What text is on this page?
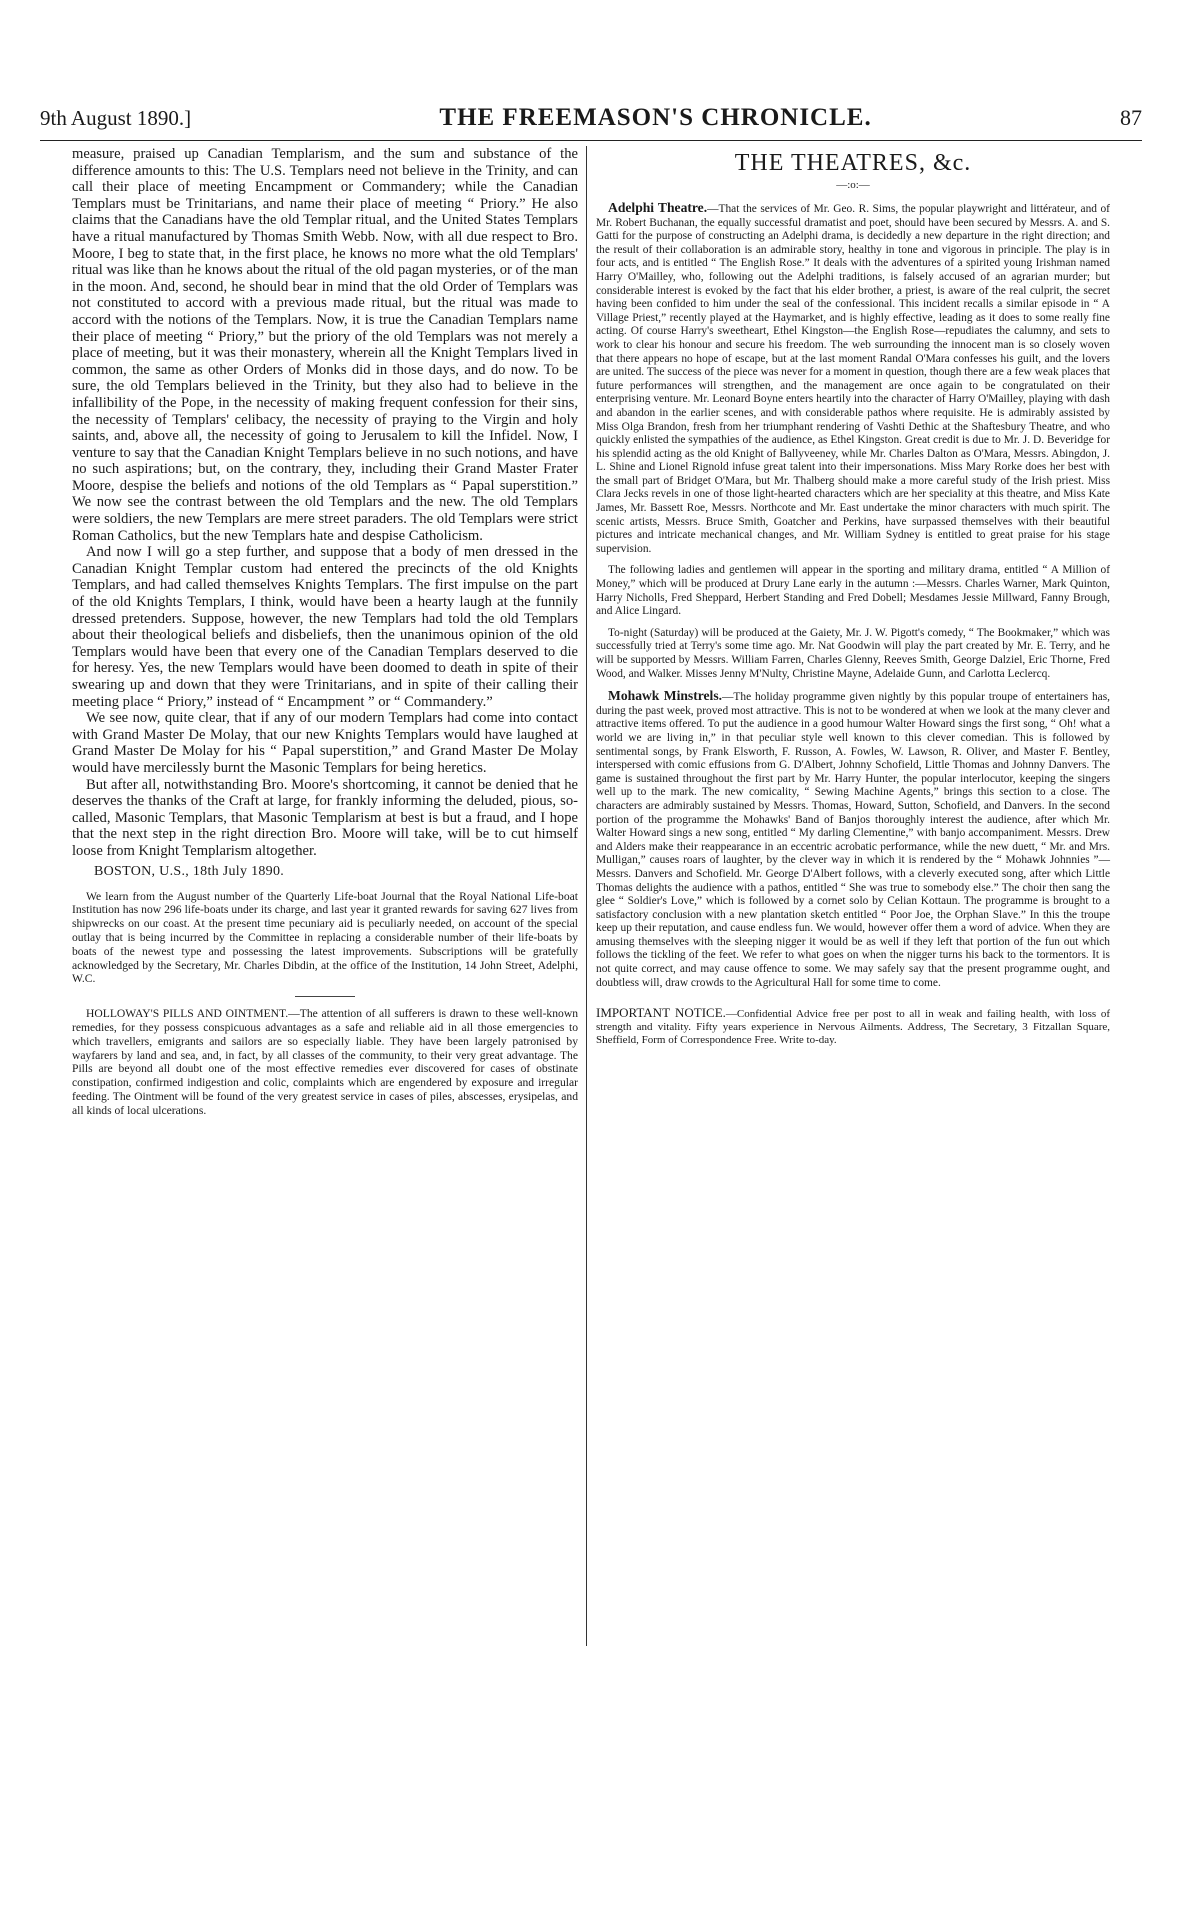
9th August 1890.]	THE FREEMASON'S CHRONICLE.	87

measure, praised up Canadian Templarism, and the sum and substance of the difference amounts to this: The U.S. Templars need not believe in the Trinity, and can call their place of meeting Encampment or Commandery; while the Canadian Templars must be Trinitarians, and name their place of meeting “ Priory.” He also claims that the Canadians have the old Templar ritual, and the United States Templars have a ritual manufactured by Thomas Smith Webb. Now, with all due respect to Bro. Moore, I beg to state that, in the first place, he knows no more what the old Templars' ritual was like than he knows about the ritual of the old pagan mysteries, or of the man in the moon. And, second, he should bear in mind that the old Order of Templars was not constituted to accord with a previous made ritual, but the ritual was made to accord with the notions of the Templars. Now, it is true the Canadian Templars name their place of meeting “ Priory,” but the priory of the old Templars was not merely a place of meeting, but it was their monastery, wherein all the Knight Templars lived in common, the same as other Orders of Monks did in those days, and do now. To be sure, the old Templars believed in the Trinity, but they also had to believe in the infallibility of the Pope, in the necessity of making frequent confession for their sins, the necessity of Templars' celibacy, the necessity of praying to the Virgin and holy saints, and, above all, the necessity of going to Jerusalem to kill the Infidel. Now, I venture to say that the Canadian Knight Templars believe in no such notions, and have no such aspirations; but, on the contrary, they, including their Grand Master Frater Moore, despise the beliefs and notions of the old Templars as “ Papal superstition.” We now see the contrast between the old Templars and the new. The old Templars were soldiers, the new Templars are mere street paraders. The old Templars were strict Roman Catholics, but the new Templars hate and despise Catholicism.

And now I will go a step further, and suppose that a body of men dressed in the Canadian Knight Templar custom had entered the precincts of the old Knights Templars, and had called themselves Knights Templars. The first impulse on the part of the old Knights Templars, I think, would have been a hearty laugh at the funnily dressed pretenders. Suppose, however, the new Templars had told the old Templars about their theological beliefs and disbeliefs, then the unanimous opinion of the old Templars would have been that every one of the Canadian Templars deserved to die for heresy. Yes, the new Templars would have been doomed to death in spite of their swearing up and down that they were Trinitarians, and in spite of their calling their meeting place “ Priory,” instead of “ Encampment ” or “ Commandery.”

We see now, quite clear, that if any of our modern Templars had come into contact with Grand Master De Molay, that our new Knights Templars would have laughed at Grand Master De Molay for his “ Papal superstition,” and Grand Master De Molay would have mercilessly burnt the Masonic Templars for being heretics.

But after all, notwithstanding Bro. Moore's shortcoming, it cannot be denied that he deserves the thanks of the Craft at large, for frankly informing the deluded, pious, so-called, Masonic Templars, that Masonic Templarism at best is but a fraud, and I hope that the next step in the right direction Bro. Moore will take, will be to cut himself loose from Knight Templarism altogether.

BOSTON, U.S., 18th July 1890.

We learn from the August number of the Quarterly Life-boat Journal that the Royal National Life-boat Institution has now 296 life-boats under its charge, and last year it granted rewards for saving 627 lives from shipwrecks on our coast. At the present time pecuniary aid is peculiarly needed, on account of the special outlay that is being incurred by the Committee in replacing a considerable number of their life-boats by boats of the newest type and possessing the latest improvements. Subscriptions will be gratefully acknowledged by the Secretary, Mr. Charles Dibdin, at the office of the Institution, 14 John Street, Adelphi, W.C.

HOLLOWAY'S PILLS AND OINTMENT.—The attention of all sufferers is drawn to these well-known remedies, for they possess conspicuous advantages as a safe and reliable aid in all those emergencies to which travellers, emigrants and sailors are so especially liable. They have been largely patronised by wayfarers by land and sea, and, in fact, by all classes of the community, to their very great advantage. The Pills are beyond all doubt one of the most effective remedies ever discovered for cases of obstinate constipation, confirmed indigestion and colic, complaints which are engendered by exposure and irregular feeding. The Ointment will be found of the very greatest service in cases of piles, abscesses, erysipelas, and all kinds of local ulcerations.

THE THEATRES, &c.
—:o:—

Adelphi Theatre.—That the services of Mr. Geo. R. Sims, the popular playwright and littérateur, and of Mr. Robert Buchanan, the equally successful dramatist and poet, should have been secured by Messrs. A. and S. Gatti for the purpose of constructing an Adelphi drama, is decidedly a new departure in the right direction; and the result of their collaboration is an admirable story, healthy in tone and vigorous in principle. The play is in four acts, and is entitled “ The English Rose.” It deals with the adventures of a spirited young Irishman named Harry O'Mailley, who, following out the Adelphi traditions, is falsely accused of an agrarian murder; but considerable interest is evoked by the fact that his elder brother, a priest, is aware of the real culprit, the secret having been confided to him under the seal of the confessional. This incident recalls a similar episode in “ A Village Priest,” recently played at the Haymarket, and is highly effective, leading as it does to some really fine acting. Of course Harry's sweetheart, Ethel Kingston—the English Rose—repudiates the calumny, and sets to work to clear his honour and secure his freedom. The web surrounding the innocent man is so closely woven that there appears no hope of escape, but at the last moment Randal O'Mara confesses his guilt, and the lovers are united. The success of the piece was never for a moment in question, though there are a few weak places that future performances will strengthen, and the management are once again to be congratulated on their enterprising venture. Mr. Leonard Boyne enters heartily into the character of Harry O'Mailley, playing with dash and abandon in the earlier scenes, and with considerable pathos where requisite. He is admirably assisted by Miss Olga Brandon, fresh from her triumphant rendering of Vashti Dethic at the Shaftesbury Theatre, and who quickly enlisted the sympathies of the audience, as Ethel Kingston. Great credit is due to Mr. J. D. Beveridge for his splendid acting as the old Knight of Ballyveeney, while Mr. Charles Dalton as O'Mara, Messrs. Abingdon, J. L. Shine and Lionel Rignold infuse great talent into their impersonations. Miss Mary Rorke does her best with the small part of Bridget O'Mara, but Mr. Thalberg should make a more careful study of the Irish priest. Miss Clara Jecks revels in one of those light-hearted characters which are her speciality at this theatre, and Miss Kate James, Mr. Bassett Roe, Messrs. Northcote and Mr. East undertake the minor characters with much spirit. The scenic artists, Messrs. Bruce Smith, Goatcher and Perkins, have surpassed themselves with their beautiful pictures and intricate mechanical changes, and Mr. William Sydney is entitled to great praise for his stage supervision.

The following ladies and gentlemen will appear in the sporting and military drama, entitled “ A Million of Money,” which will be produced at Drury Lane early in the autumn :—Messrs. Charles Warner, Mark Quinton, Harry Nicholls, Fred Sheppard, Herbert Standing and Fred Dobell; Mesdames Jessie Millward, Fanny Brough, and Alice Lingard.

To-night (Saturday) will be produced at the Gaiety, Mr. J. W. Pigott's comedy, “ The Bookmaker,” which was successfully tried at Terry's some time ago. Mr. Nat Goodwin will play the part created by Mr. E. Terry, and he will be supported by Messrs. William Farren, Charles Glenny, Reeves Smith, George Dalziel, Eric Thorne, Fred Wood, and Walker. Misses Jenny M'Nulty, Christine Mayne, Adelaide Gunn, and Carlotta Leclercq.

Mohawk Minstrels.—The holiday programme given nightly by this popular troupe of entertainers has, during the past week, proved most attractive. This is not to be wondered at when we look at the many clever and attractive items offered. To put the audience in a good humour Walter Howard sings the first song, “ Oh! what a world we are living in,” in that peculiar style well known to this clever comedian. This is followed by sentimental songs, by Frank Elsworth, F. Russon, A. Fowles, W. Lawson, R. Oliver, and Master F. Bentley, interspersed with comic effusions from G. D'Albert, Johnny Schofield, Little Thomas and Johnny Danvers. The game is sustained throughout the first part by Mr. Harry Hunter, the popular interlocutor, keeping the singers well up to the mark. The new comicality, “ Sewing Machine Agents,” brings this section to a close. The characters are admirably sustained by Messrs. Thomas, Howard, Sutton, Schofield, and Danvers. In the second portion of the programme the Mohawks' Band of Banjos thoroughly interest the audience, after which Mr. Walter Howard sings a new song, entitled “ My darling Clementine,” with banjo accompaniment. Messrs. Drew and Alders make their reappearance in an eccentric acrobatic performance, while the new duett, “ Mr. and Mrs. Mulligan,” causes roars of laughter, by the clever way in which it is rendered by the “ Mohawk Johnnies ”—Messrs. Danvers and Schofield. Mr. George D'Albert follows, with a cleverly executed song, after which Little Thomas delights the audience with a pathos, entitled “ She was true to somebody else.” The choir then sang the glee “ Soldier's Love,” which is followed by a cornet solo by Celian Kottaun. The programme is brought to a satisfactory conclusion with a new plantation sketch entitled “ Poor Joe, the Orphan Slave.” In this the troupe keep up their reputation, and cause endless fun. We would, however offer them a word of advice. When they are amusing themselves with the sleeping nigger it would be as well if they left that portion of the fun out which follows the tickling of the feet. We refer to what goes on when the nigger turns his back to the tormentors. It is not quite correct, and may cause offence to some. We may safely say that the present programme ought, and doubtless will, draw crowds to the Agricultural Hall for some time to come.

IMPORTANT NOTICE.—Confidential Advice free per post to all in weak and failing health, with loss of strength and vitality. Fifty years experience in Nervous Ailments. Address, The Secretary, 3 Fitzallan Square, Sheffield, Form of Correspondence Free. Write to-day.
